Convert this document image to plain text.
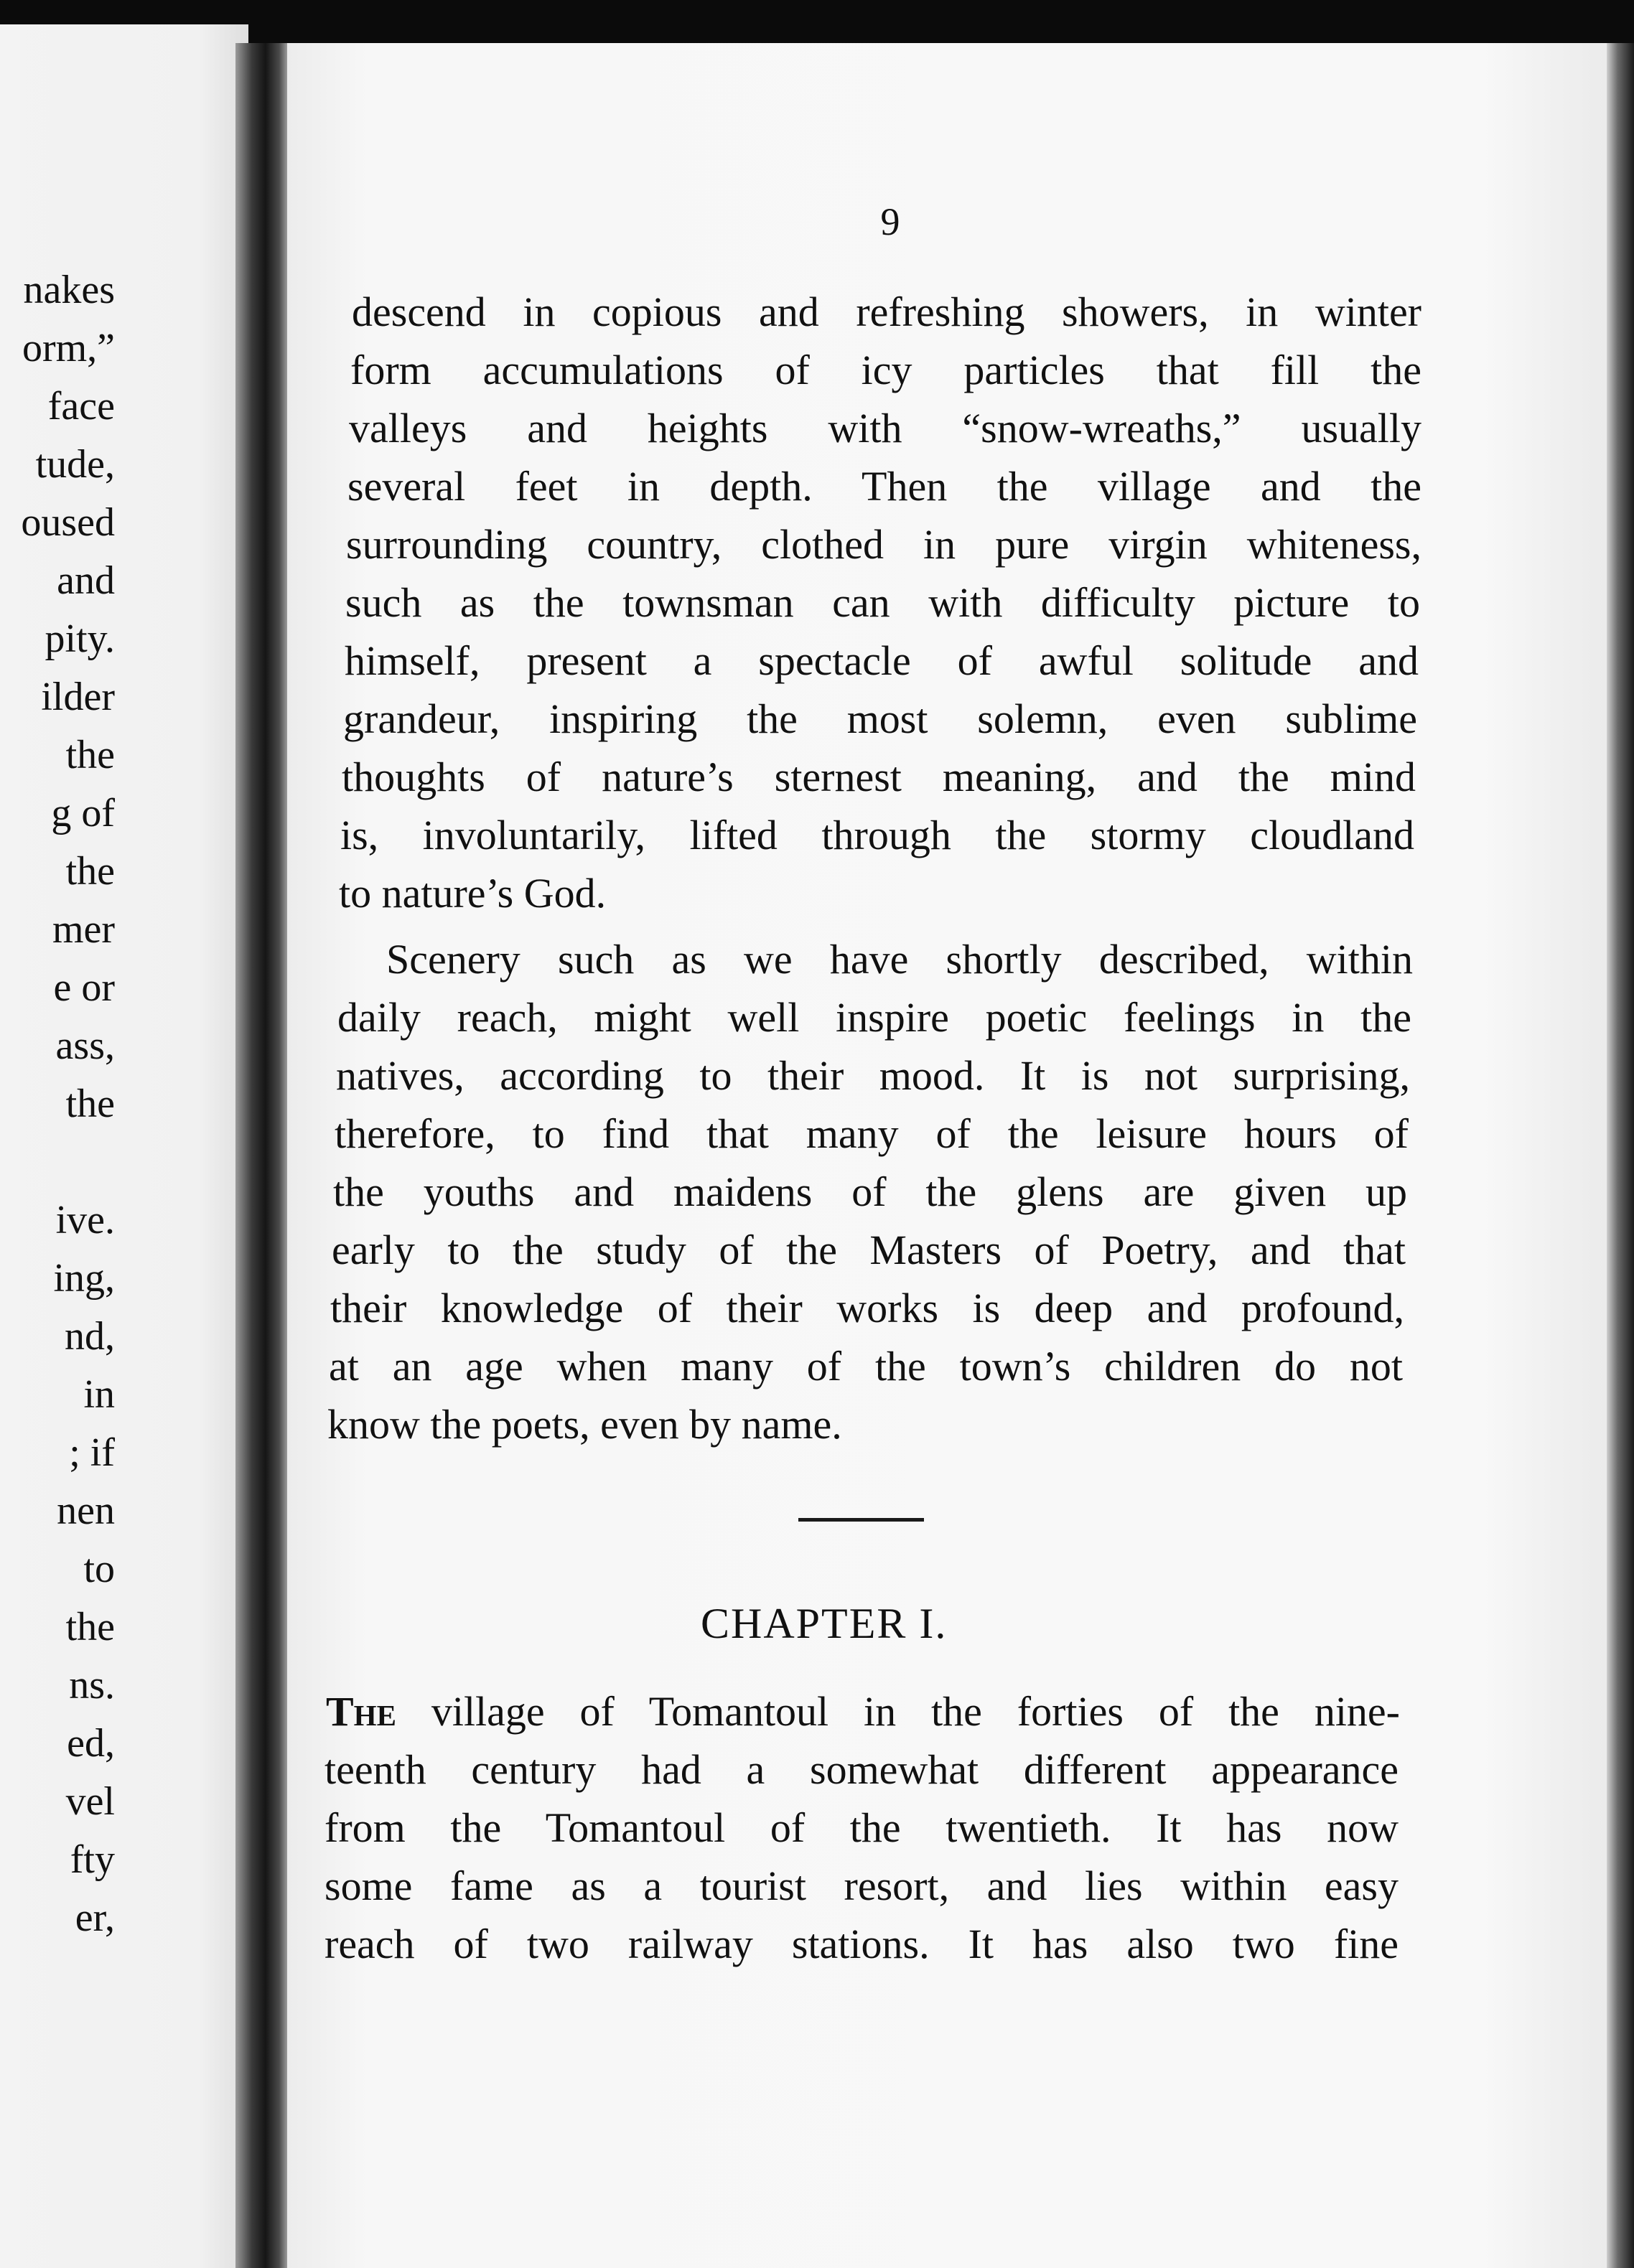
nakes
orm,”
face
tude,
oused
and
pity.
ilder
the
g of
the
mer
e or
ass,
the
ive.
ing,
nd,
in
; if
nen
to
the
ns.
ed,
vel
fty
er,
9
descend in copious and refreshing showers, in winter
form accumulations of icy particles that fill the
valleys and heights with “snow-wreaths,” usually
several feet in depth. Then the village and the
surrounding country, clothed in pure virgin whiteness,
such as the townsman can with difficulty picture to
himself, present a spectacle of awful solitude and
grandeur, inspiring the most solemn, even sublime
thoughts of nature’s sternest meaning, and the mind
is, involuntarily, lifted through the stormy cloudland
to nature’s God.
Scenery such as we have shortly described, within
daily reach, might well inspire poetic feelings in the
natives, according to their mood. It is not surprising,
therefore, to find that many of the leisure hours of
the youths and maidens of the glens are given up
early to the study of the Masters of Poetry, and that
their knowledge of their works is deep and profound,
at an age when many of the town’s children do not
know the poets, even by name.
CHAPTER I.
The village of Tomantoul in the forties of the nine-
teenth century had a somewhat different appearance
from the Tomantoul of the twentieth. It has now
some fame as a tourist resort, and lies within easy
reach of two railway stations. It has also two fine
